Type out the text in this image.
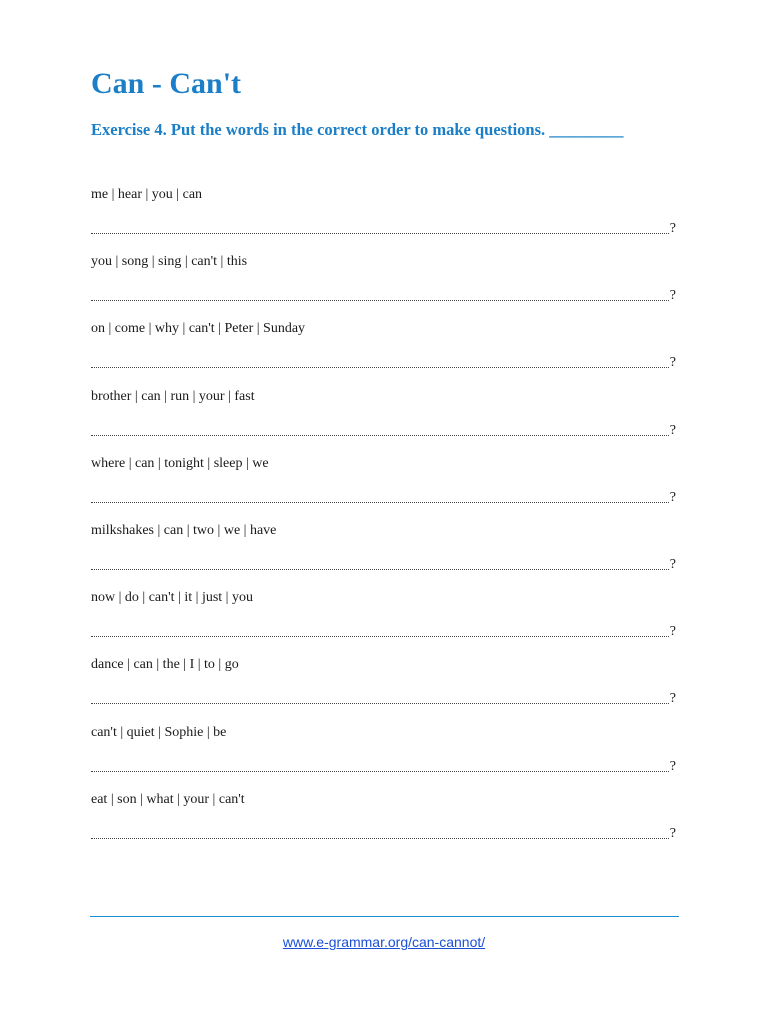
Can - Can't

Exercise 4. Put the words in the correct order to make questions. _________

me | hear | you | can
?
you | song | sing | can't | this
?
on | come | why | can't | Peter | Sunday
?
brother | can | run | your | fast
?
where | can | tonight | sleep | we
?
milkshakes | can | two | we | have
?
now | do | can't | it | just | you
?
dance | can | the | I | to | go
?
can't | quiet | Sophie | be
?
eat | son | what | your | can't
?
www.e-grammar.org/can-cannot/
